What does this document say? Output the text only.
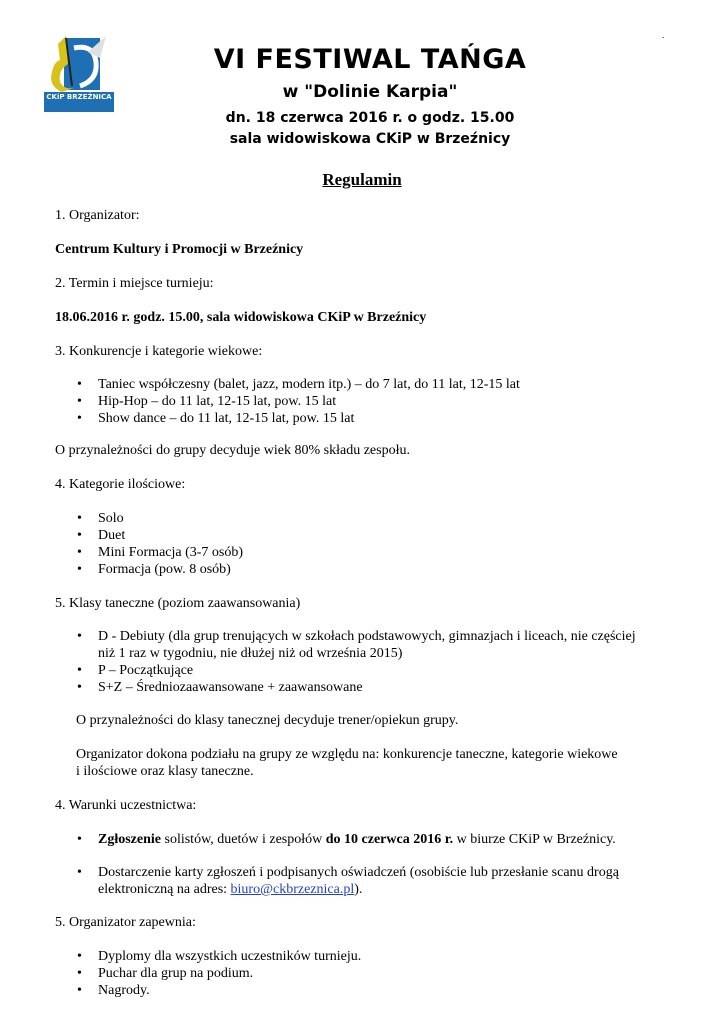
CKiP BRZEŹNICA
.
VI FESTIWAL TAŃGA
w "Dolinie Karpia"
dn. 18 czerwca 2016 r. o godz. 15.00
sala widowiskowa CKiP w Brzeźnicy
Regulamin
1. Organizator:
Centrum Kultury i Promocji w Brzeźnicy
2. Termin i miejsce turnieju:
18.06.2016 r. godz. 15.00, sala widowiskowa CKiP w Brzeźnicy
3. Konkurencje i kategorie wiekowe:
• Taniec współczesny (balet, jazz, modern itp.) – do 7 lat, do 11 lat, 12-15 lat
• Hip-Hop – do 11 lat, 12-15 lat, pow. 15 lat
• Show dance – do 11 lat, 12-15 lat, pow. 15 lat
O przynależności do grupy decyduje wiek 80% składu zespołu.
4. Kategorie ilościowe:
• Solo
• Duet
• Mini Formacja (3-7 osób)
• Formacja (pow. 8 osób)
5. Klasy taneczne (poziom zaawansowania)
• D - Debiuty (dla grup trenujących w szkołach podstawowych, gimnazjach i liceach, nie częściej
niż 1 raz w tygodniu, nie dłużej niż od września 2015)
• P – Początkujące
• S+Z – Średniozaawansowane + zaawansowane
O przynależności do klasy tanecznej decyduje trener/opiekun grupy.
Organizator dokona podziału na grupy ze względu na: konkurencje taneczne, kategorie wiekowe
i ilościowe oraz klasy taneczne.
4. Warunki uczestnictwa:
• Zgłoszenie solistów, duetów i zespołów do 10 czerwca 2016 r. w biurze CKiP w Brzeźnicy.
• Dostarczenie karty zgłoszeń i podpisanych oświadczeń (osobiście lub przesłanie scanu drogą
elektroniczną na adres: biuro@ckbrzeznica.pl).
5. Organizator zapewnia:
• Dyplomy dla wszystkich uczestników turnieju.
• Puchar dla grup na podium.
• Nagrody.
